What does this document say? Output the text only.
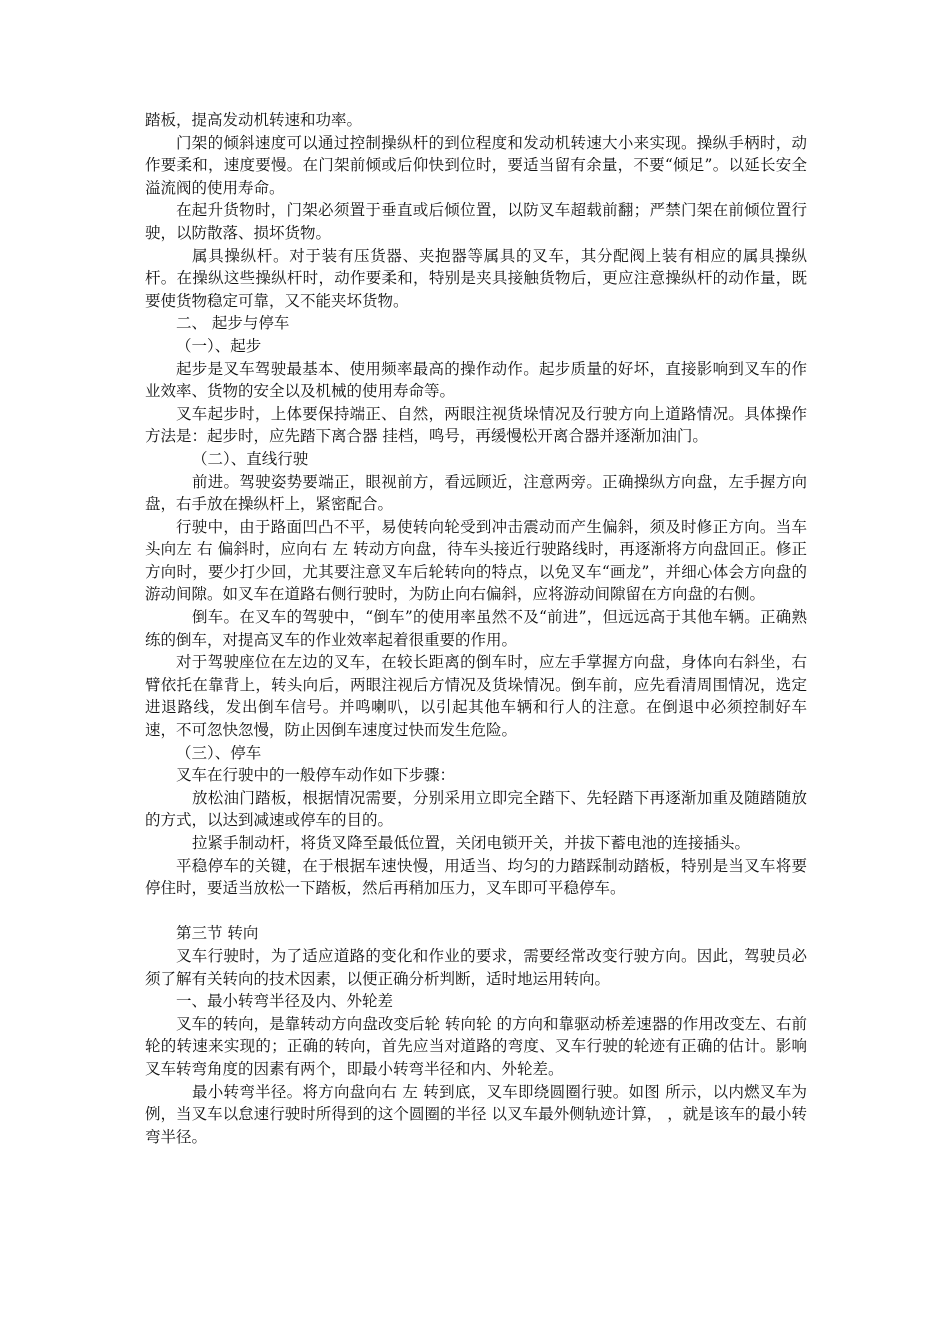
踏板，提高发动机转速和功率。

门架的倾斜速度可以通过控制操纵杆的到位程度和发动机转速大小来实现。操纵手柄时，动作要柔和，速度要慢。在门架前倾或后仰快到位时，要适当留有余量，不要“倾足”。以延长安全溢流阀的使用寿命。

在起升货物时，门架必须置于垂直或后倾位置，以防叉车超载前翻；严禁门架在前倾位置行驶，以防散落、损坏货物。

属具操纵杆。对于装有压货器、夹抱器等属具的叉车，其分配阀上装有相应的属具操纵杆。在操纵这些操纵杆时，动作要柔和，特别是夹具接触货物后，更应注意操纵杆的动作量，既要使货物稳定可靠，又不能夹坏货物。

二、 起步与停车

（一）、起步

起步是叉车驾驶最基本、使用频率最高的操作动作。起步质量的好坏，直接影响到叉车的作业效率、货物的安全以及机械的使用寿命等。

叉车起步时，上体要保持端正、自然，两眼注视货垛情况及行驶方向上道路情况。具体操作方法是：起步时，应先踏下离合器 挂档，鸣号，再缓慢松开离合器并逐渐加油门。

（二）、直线行驶

前进。驾驶姿势要端正，眼视前方，看远顾近，注意两旁。正确操纵方向盘，左手握方向盘，右手放在操纵杆上，紧密配合。

行驶中，由于路面凹凸不平，易使转向轮受到冲击震动而产生偏斜，须及时修正方向。当车头向左 右 偏斜时，应向右 左 转动方向盘，待车头接近行驶路线时，再逐渐将方向盘回正。修正方向时，要少打少回，尤其要注意叉车后轮转向的特点，以免叉车“画龙”，并细心体会方向盘的游动间隙。如叉车在道路右侧行驶时，为防止向右偏斜，应将游动间隙留在方向盘的右侧。

倒车。在叉车的驾驶中，“倒车”的使用率虽然不及“前进”，但远远高于其他车辆。正确熟练的倒车，对提高叉车的作业效率起着很重要的作用。

对于驾驶座位在左边的叉车，在较长距离的倒车时，应左手掌握方向盘，身体向右斜坐，右臂依托在靠背上，转头向后，两眼注视后方情况及货垛情况。倒车前，应先看清周围情况，选定进退路线，发出倒车信号。并鸣喇叭，以引起其他车辆和行人的注意。在倒退中必须控制好车速，不可忽快忽慢，防止因倒车速度过快而发生危险。

（三）、停车

叉车在行驶中的一般停车动作如下步骤：

放松油门踏板，根据情况需要，分别采用立即完全踏下、先轻踏下再逐渐加重及随踏随放的方式，以达到减速或停车的目的。

拉紧手制动杆，将货叉降至最低位置，关闭电锁开关，并拔下蓄电池的连接插头。

平稳停车的关键，在于根据车速快慢，用适当、均匀的力踏踩制动踏板，特别是当叉车将要停住时，要适当放松一下踏板，然后再稍加压力，叉车即可平稳停车。

第三节 转向

叉车行驶时，为了适应道路的变化和作业的要求，需要经常改变行驶方向。因此，驾驶员必须了解有关转向的技术因素，以便正确分析判断，适时地运用转向。

一、最小转弯半径及内、外轮差

叉车的转向，是靠转动方向盘改变后轮 转向轮 的方向和靠驱动桥差速器的作用改变左、右前轮的转速来实现的；正确的转向，首先应当对道路的弯度、叉车行驶的轮迹有正确的估计。影响叉车转弯角度的因素有两个，即最小转弯半径和内、外轮差。

最小转弯半径。将方向盘向右 左 转到底，叉车即绕圆圈行驶。如图 所示，以内燃叉车为例，当叉车以怠速行驶时所得到的这个圆圈的半径 以叉车最外侧轨迹计算， ，就是该车的最小转弯半径。
